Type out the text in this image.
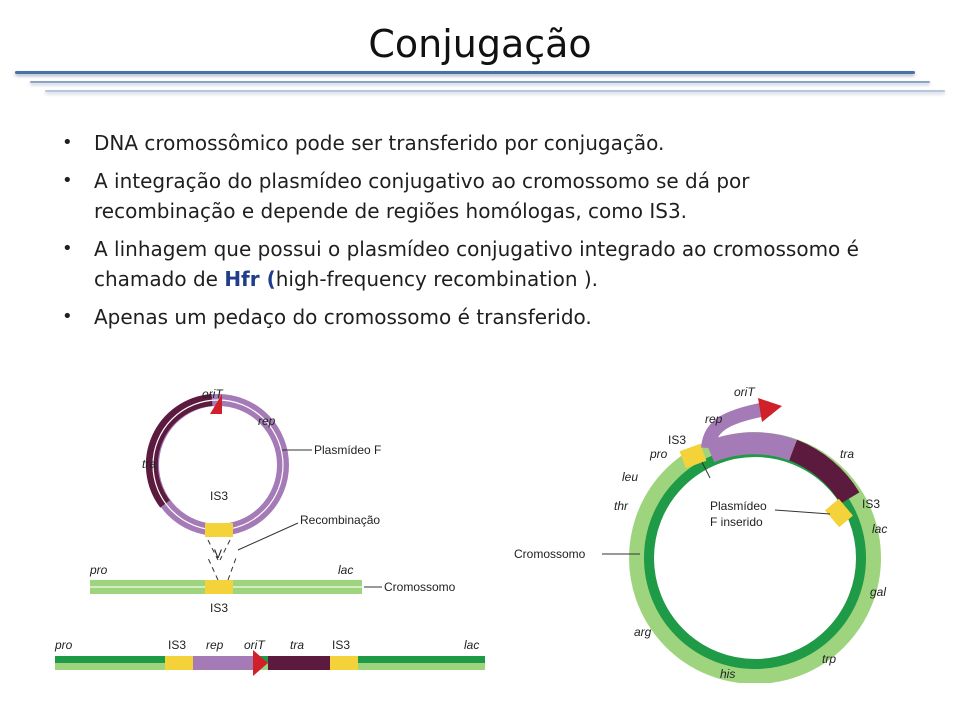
Conjugação
• DNA cromossômico pode ser transferido por conjugação.
• A integração do plasmídeo conjugativo ao cromossomo se dá por recombinação e depende de regiões homólogas, como IS3.
• A linhagem que possui o plasmídeo conjugativo integrado ao cromossomo é chamado de Hfr (high-frequency recombination ).
• Apenas um pedaço do cromossomo é transferido.
oriT
rep
tra
Plasmídeo F
IS3
V
Recombinação
pro	lac
Cromossomo
IS3
pro	IS3 rep oriT tra IS3	lac
oriT
rep
IS3
pro
leu
thr
tra
IS3
lac
Plasmídeo
F inserido
Cromossomo
gal
arg
trp
his
